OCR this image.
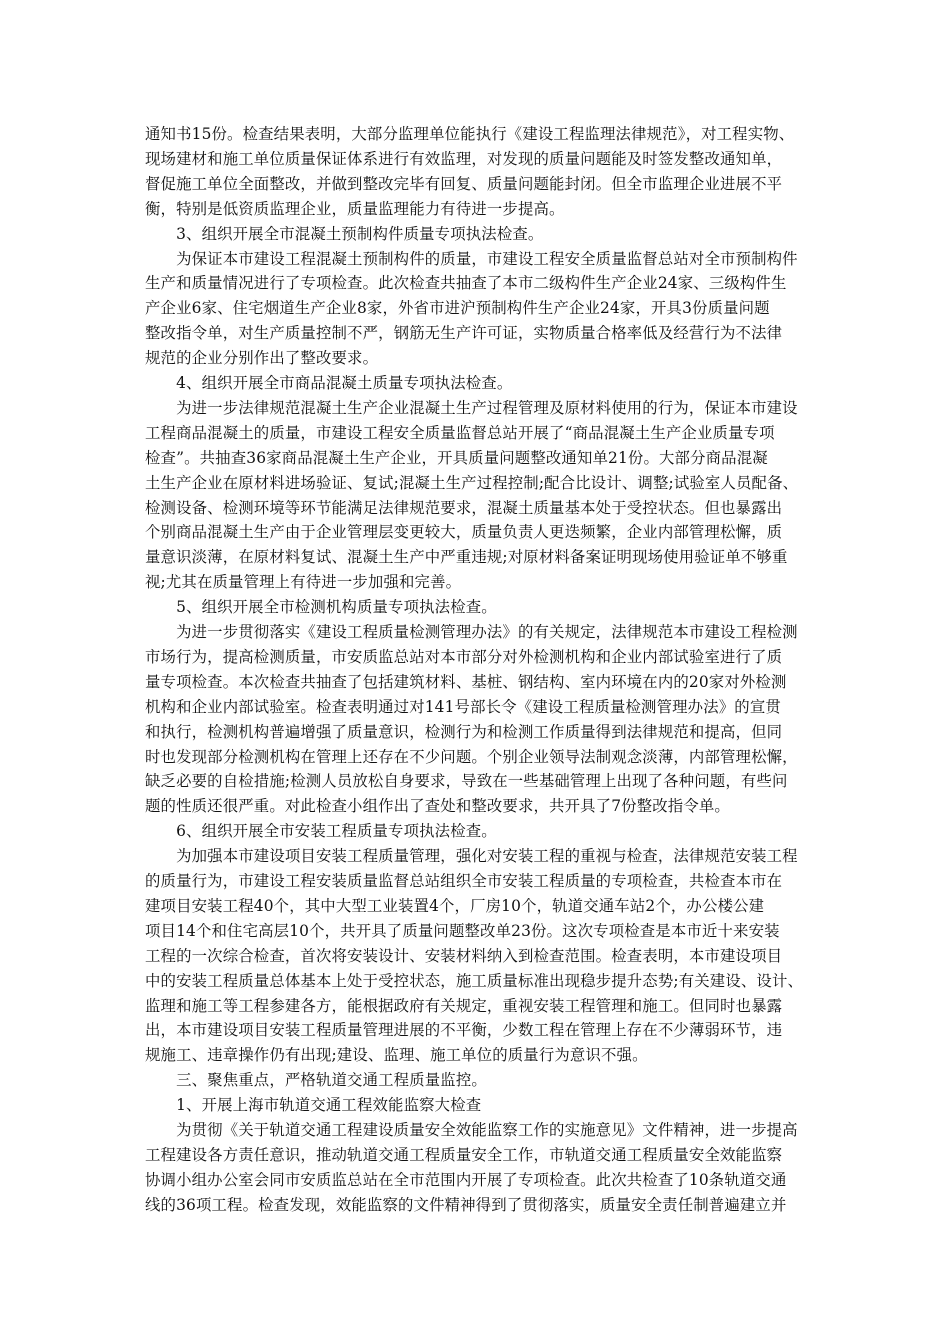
通知书15份。检查结果表明，大部分监理单位能执行《建设工程监理法律规范》，对工程实物、
现场建材和施工单位质量保证体系进行有效监理，对发现的质量问题能及时签发整改通知单，
督促施工单位全面整改，并做到整改完毕有回复、质量问题能封闭。但全市监理企业进展不平
衡，特别是低资质监理企业，质量监理能力有待进一步提高。
　　3、组织开展全市混凝土预制构件质量专项执法检查。
　　为保证本市建设工程混凝土预制构件的质量，市建设工程安全质量监督总站对全市预制构件
生产和质量情况进行了专项检查。此次检查共抽查了本市二级构件生产企业24家、三级构件生
产企业6家、住宅烟道生产企业8家，外省市进沪预制构件生产企业24家，开具3份质量问题
整改指令单，对生产质量控制不严，钢筋无生产许可证，实物质量合格率低及经营行为不法律
规范的企业分别作出了整改要求。
　　4、组织开展全市商品混凝土质量专项执法检查。
　　为进一步法律规范混凝土生产企业混凝土生产过程管理及原材料使用的行为，保证本市建设
工程商品混凝土的质量，市建设工程安全质量监督总站开展了“商品混凝土生产企业质量专项
检查”。共抽查36家商品混凝土生产企业，开具质量问题整改通知单21份。大部分商品混凝
土生产企业在原材料进场验证、复试;混凝土生产过程控制;配合比设计、调整;试验室人员配备、
检测设备、检测环境等环节能满足法律规范要求，混凝土质量基本处于受控状态。但也暴露出
个别商品混凝土生产由于企业管理层变更较大，质量负责人更迭频繁，企业内部管理松懈，质
量意识淡薄，在原材料复试、混凝土生产中严重违规;对原材料备案证明现场使用验证单不够重
视;尤其在质量管理上有待进一步加强和完善。
　　5、组织开展全市检测机构质量专项执法检查。
　　为进一步贯彻落实《建设工程质量检测管理办法》的有关规定，法律规范本市建设工程检测
市场行为，提高检测质量，市安质监总站对本市部分对外检测机构和企业内部试验室进行了质
量专项检查。本次检查共抽查了包括建筑材料、基桩、钢结构、室内环境在内的20家对外检测
机构和企业内部试验室。检查表明通过对141号部长令《建设工程质量检测管理办法》的宣贯
和执行，检测机构普遍增强了质量意识，检测行为和检测工作质量得到法律规范和提高，但同
时也发现部分检测机构在管理上还存在不少问题。个别企业领导法制观念淡薄，内部管理松懈，
缺乏必要的自检措施;检测人员放松自身要求，导致在一些基础管理上出现了各种问题，有些问
题的性质还很严重。对此检查小组作出了查处和整改要求，共开具了7份整改指令单。
　　6、组织开展全市安装工程质量专项执法检查。
　　为加强本市建设项目安装工程质量管理，强化对安装工程的重视与检查，法律规范安装工程
的质量行为，市建设工程安装质量监督总站组织全市安装工程质量的专项检查，共检查本市在
建项目安装工程40个，其中大型工业装置4个，厂房10个，轨道交通车站2个，办公楼公建
项目14个和住宅高层10个，共开具了质量问题整改单23份。这次专项检查是本市近十来安装
工程的一次综合检查，首次将安装设计、安装材料纳入到检查范围。检查表明，本市建设项目
中的安装工程质量总体基本上处于受控状态，施工质量标准出现稳步提升态势;有关建设、设计、
监理和施工等工程参建各方，能根据政府有关规定，重视安装工程管理和施工。但同时也暴露
出，本市建设项目安装工程质量管理进展的不平衡，少数工程在管理上存在不少薄弱环节，违
规施工、违章操作仍有出现;建设、监理、施工单位的质量行为意识不强。
　　三、聚焦重点，严格轨道交通工程质量监控。
　　1、开展上海市轨道交通工程效能监察大检查
　　为贯彻《关于轨道交通工程建设质量安全效能监察工作的实施意见》文件精神，进一步提高
工程建设各方责任意识，推动轨道交通工程质量安全工作，市轨道交通工程质量安全效能监察
协调小组办公室会同市安质监总站在全市范围内开展了专项检查。此次共检查了10条轨道交通
线的36项工程。检查发现，效能监察的文件精神得到了贯彻落实，质量安全责任制普遍建立并
